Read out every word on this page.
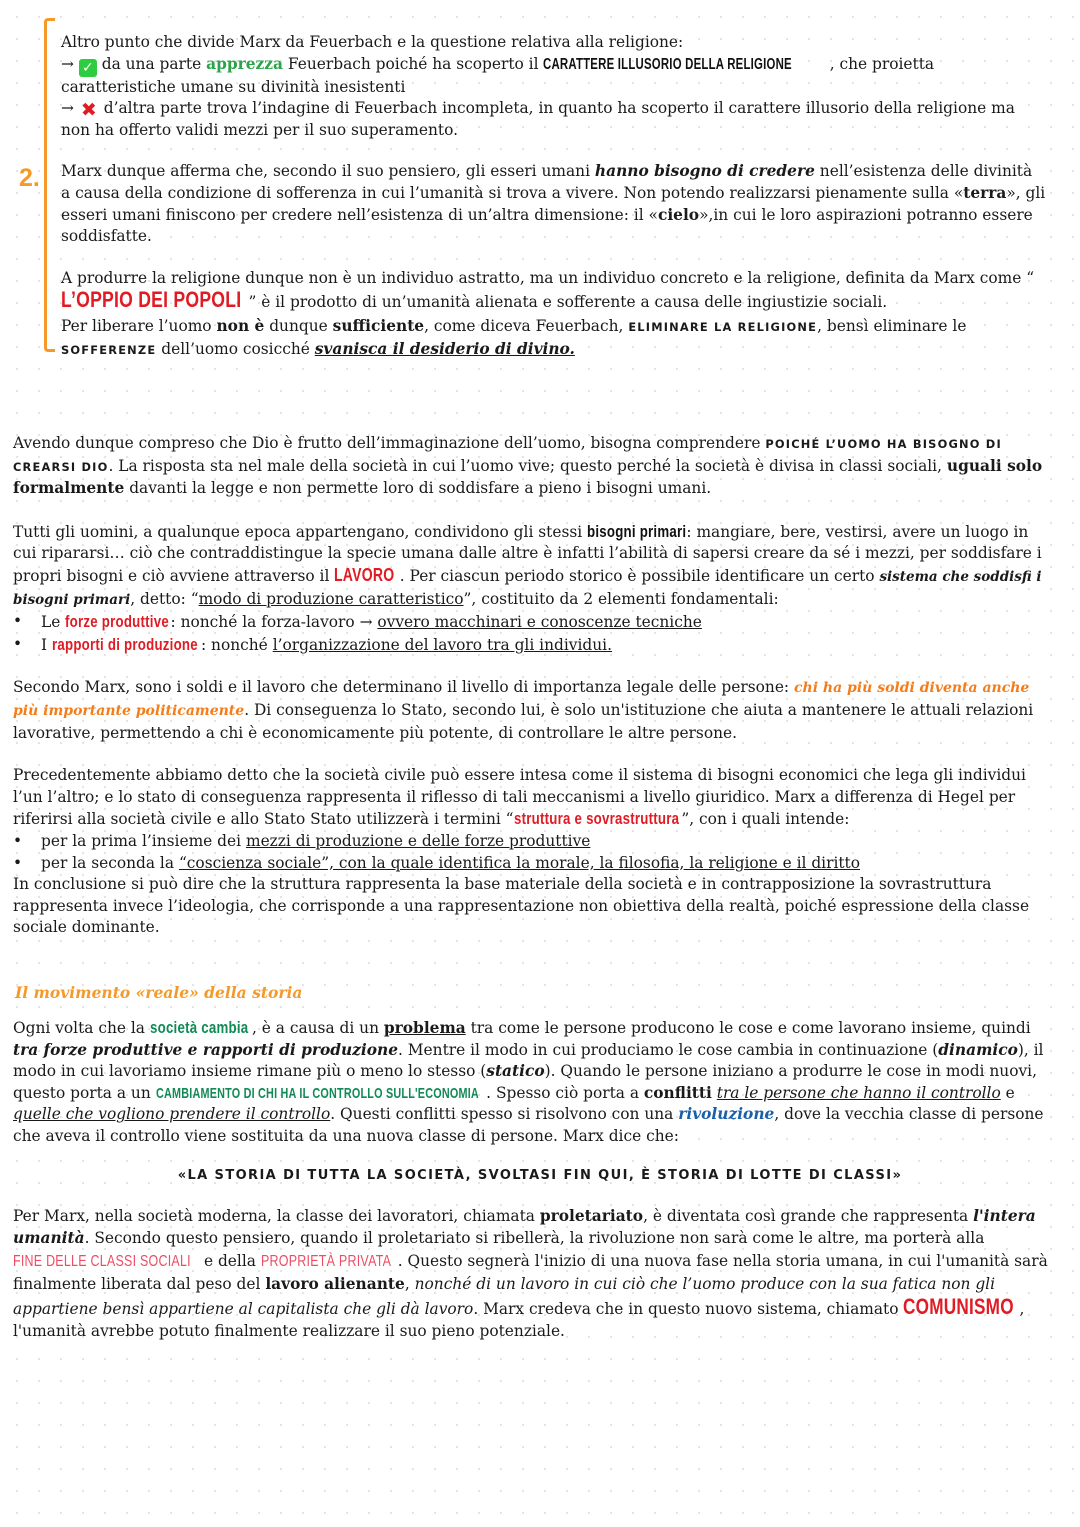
2.

Altro punto che divide Marx da Feuerbach e la questione relativa alla religione:

→ ✓ da una parte apprezza Feuerbach poiché ha scoperto il CARATTERE ILLUSORIO DELLA RELIGIONE , che proietta caratteristiche umane su divinità inesistenti

→ ✖ d’altra parte trova l’indagine di Feuerbach incompleta, in quanto ha scoperto il carattere illusorio della religione ma non ha offerto validi mezzi per il suo superamento.

Marx dunque afferma che, secondo il suo pensiero, gli esseri umani hanno bisogno di credere nell’esistenza delle divinità a causa della condizione di sofferenza in cui l’umanità si trova a vivere. Non potendo realizzarsi pienamente sulla «terra», gli esseri umani finiscono per credere nell’esistenza di un’altra dimensione: il «cielo»,in cui le loro aspirazioni potranno essere soddisfatte.

A produrre la religione dunque non è un individuo astratto, ma un individuo concreto e la religione, definita da Marx come “L’OPPIO DEI POPOLI ” è il prodotto di un’umanità alienata e sofferente a causa delle ingiustizie sociali.

Per liberare l’uomo non è dunque sufficiente, come diceva Feuerbach, ELIMINARE LA RELIGIONE, bensì eliminare le SOFFERENZE dell’uomo cosicché svanisca il desiderio di divino.

Avendo dunque compreso che Dio è frutto dell’immaginazione dell’uomo, bisogna comprendere POICHÉ L’UOMO HA BISOGNO DI CREARSI DIO. La risposta sta nel male della società in cui l’uomo vive; questo perché la società è divisa in classi sociali, uguali solo formalmente davanti la legge e non permette loro di soddisfare a pieno i bisogni umani.

Tutti gli uomini, a qualunque epoca appartengano, condividono gli stessi bisogni primari: mangiare, bere, vestirsi, avere un luogo in cui ripararsi… ciò che contraddistingue la specie umana dalle altre è infatti l’abilità di sapersi creare da sé i mezzi, per soddisfare i propri bisogni e ciò avviene attraverso il LAVORO . Per ciascun periodo storico è possibile identificare un certo sistema che soddisfi i bisogni primari, detto: “modo di produzione caratteristico”, costituito da 2 elementi fondamentali:

• Le forze produttive: nonché la forza-lavoro → ovvero macchinari e conoscenze tecniche
• I rapporti di produzione : nonché l’organizzazione del lavoro tra gli individui.

Secondo Marx, sono i soldi e il lavoro che determinano il livello di importanza legale delle persone: chi ha più soldi diventa anche più importante politicamente. Di conseguenza lo Stato, secondo lui, è solo un'istituzione che aiuta a mantenere le attuali relazioni lavorative, permettendo a chi è economicamente più potente, di controllare le altre persone.

Precedentemente abbiamo detto che la società civile può essere intesa come il sistema di bisogni economici che lega gli individui l’un l’altro; e lo stato di conseguenza rappresenta il riflesso di tali meccanismi a livello giuridico. Marx a differenza di Hegel per riferirsi alla società civile e allo Stato Stato utilizzerà i termini “struttura e sovrastruttura ”, con i quali intende:

• per la prima l’insieme dei mezzi di produzione e delle forze produttive
• per la seconda la “coscienza sociale”, con la quale identifica la morale, la filosofia, la religione e il diritto

In conclusione si può dire che la struttura rappresenta la base materiale della società e in contrapposizione la sovrastruttura rappresenta invece l’ideologia, che corrisponde a una rappresentazione non obiettiva della realtà, poiché espressione della classe sociale dominante.

Il movimento «reale» della storia

Ogni volta che la società cambia , è a causa di un problema tra come le persone producono le cose e come lavorano insieme, quindi tra forze produttive e rapporti di produzione. Mentre il modo in cui produciamo le cose cambia in continuazione (dinamico), il modo in cui lavoriamo insieme rimane più o meno lo stesso (statico). Quando le persone iniziano a produrre le cose in modi nuovi, questo porta a un CAMBIAMENTO DI CHI HA IL CONTROLLO SULL'ECONOMIA . Spesso ciò porta a conflitti tra le persone che hanno il controllo e quelle che vogliono prendere il controllo. Questi conflitti spesso si risolvono con una rivoluzione, dove la vecchia classe di persone che aveva il controllo viene sostituita da una nuova classe di persone. Marx dice che:

«LA STORIA DI TUTTA LA SOCIETÀ, SVOLTASI FIN QUI, È STORIA DI LOTTE DI CLASSI»

Per Marx, nella società moderna, la classe dei lavoratori, chiamata proletariato, è diventata così grande che rappresenta l'intera umanità. Secondo questo pensiero, quando il proletariato si ribellerà, la rivoluzione non sarà come le altre, ma porterà alla FINE DELLE CLASSI SOCIALI e della PROPRIETÀ PRIVATA . Questo segnerà l'inizio di una nuova fase nella storia umana, in cui l'umanità sarà finalmente liberata dal peso del lavoro alienante, nonché di un lavoro in cui ciò che l’uomo produce con la sua fatica non gli appartiene bensì appartiene al capitalista che gli dà lavoro. Marx credeva che in questo nuovo sistema, chiamato COMUNISMO , l'umanità avrebbe potuto finalmente realizzare il suo pieno potenziale.
